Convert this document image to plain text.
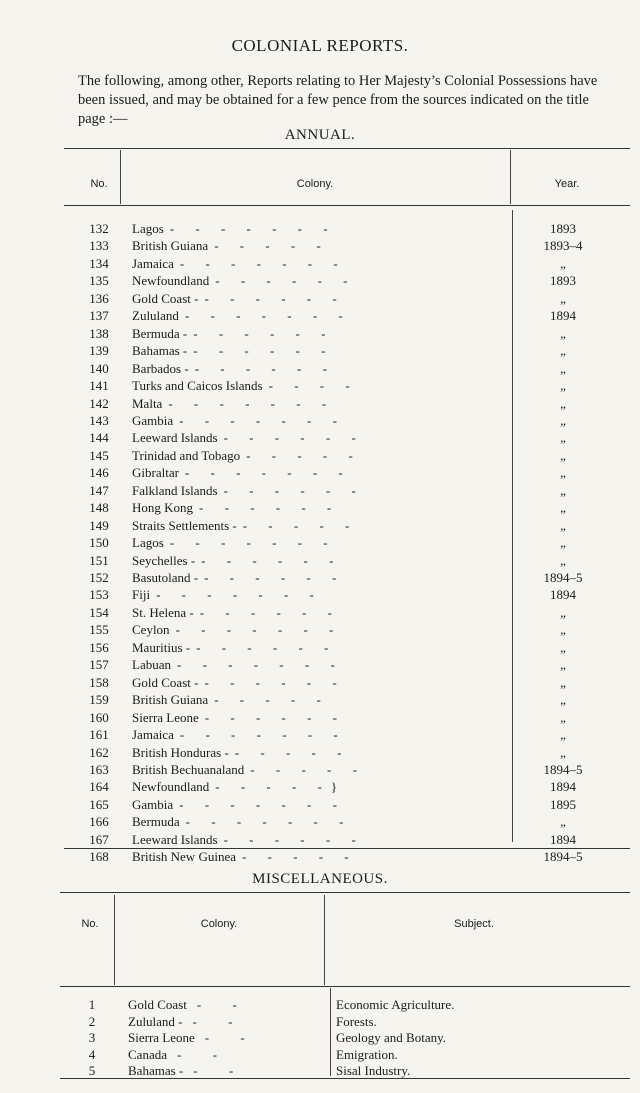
COLONIAL REPORTS.
The following, among other, Reports relating to Her Majesty’s Colonial Possessions have been issued, and may be obtained for a few pence from the sources indicated on the title page :—
ANNUAL.
No.	Colony.	Year.
132	Lagos - - - - - - -	1893
133	British Guiana - - - - -	1893–4
134	Jamaica - - - - - - -	„
135	Newfoundland - - - - - -	1893
136	Gold Coast - - - - - - -	„
137	Zululand - - - - - - -	1894
138	Bermuda - - - - - - -	„
139	Bahamas - - - - - - -	„
140	Barbados - - - - - - -	„
141	Turks and Caicos Islands - - - -	„
142	Malta - - - - - - -	„
143	Gambia - - - - - - -	„
144	Leeward Islands - - - - - -	„
145	Trinidad and Tobago - - - - -	„
146	Gibraltar - - - - - - -	„
147	Falkland Islands - - - - - -	„
148	Hong Kong - - - - - -	„
149	Straits Settlements - - - - - -	„
150	Lagos - - - - - - -	„
151	Seychelles - - - - - - -	„
152	Basutoland - - - - - - -	1894–5
153	Fiji - - - - - - -	1894
154	St. Helena - - - - - - -	„
155	Ceylon - - - - - - -	„
156	Mauritius - - - - - - -	„
157	Labuan - - - - - - -	„
158	Gold Coast - - - - - - -	„
159	British Guiana - - - - -	„
160	Sierra Leone - - - - - -	„
161	Jamaica - - - - - - -	„
162	British Honduras - - - - - -	„
163	British Bechuanaland - - - - -	1894–5
164	Newfoundland - - - - -}	1894
165	Gambia - - - - - - -	1895
166	Bermuda - - - - - - -	„
167	Leeward Islands - - - - - -	1894
168	British New Guinea - - - - -	1894–5
MISCELLANEOUS.
No.	Colony.	Subject.
1	Gold Coast - -	Economic Agriculture.
2	Zululand - - -	Forests.
3	Sierra Leone - -	Geology and Botany.
4	Canada - -	Emigration.
5	Bahamas - - -	Sisal Industry.
